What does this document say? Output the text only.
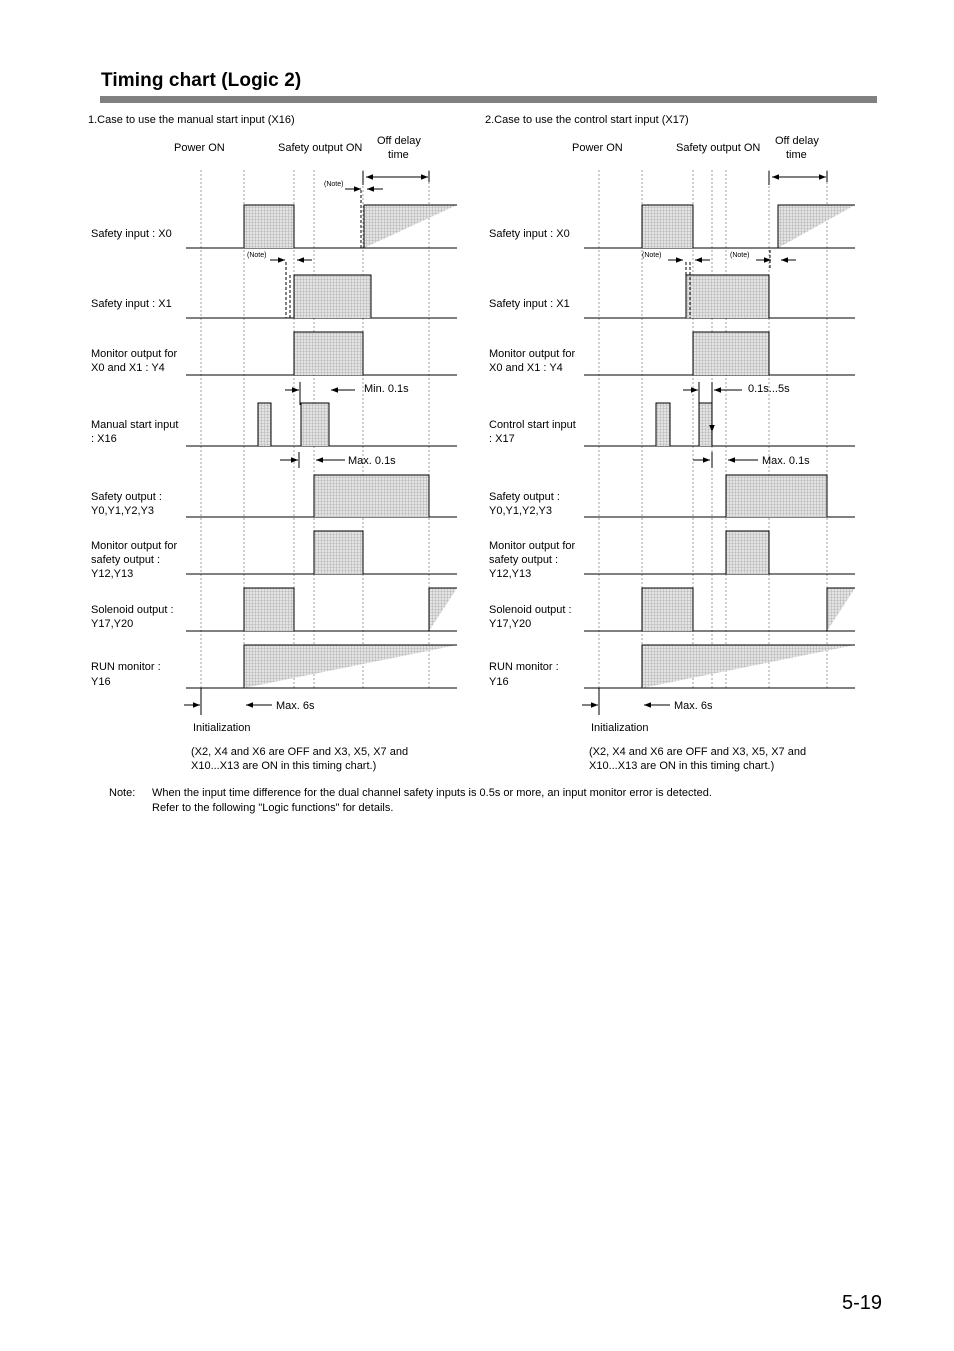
Timing chart (Logic 2)
1.Case to use the manual start input (X16)
Power ON	Safety output ON
Off delay
time
Safety input : X0
Safety input : X1
Monitor output for
X0 and X1 : Y4
Manual start input
: X16
Safety output :
Y0,Y1,Y2,Y3
Monitor output for
safety output :
Y12,Y13
Solenoid output :
Y17,Y20
RUN monitor :
Y16
(Note)
(Note)
Min. 0.1s
Max. 0.1s
Max. 6s
Initialization
(X2, X4 and X6 are OFF and X3, X5, X7 and
X10...X13 are ON in this timing chart.)
2.Case to use the control start input (X17)
Power ON	Safety output ON
Off delay
time
Safety input : X0
Safety input : X1
Monitor output for
X0 and X1 : Y4
Control start input
: X17
Safety output :
Y0,Y1,Y2,Y3
Monitor output for
safety output :
Y12,Y13
Solenoid output :
Y17,Y20
RUN monitor :
Y16
(Note)	(Note)
0.1s...5s
Max. 0.1s
Max. 6s
Initialization
(X2, X4 and X6 are OFF and X3, X5, X7 and
X10...X13 are ON in this timing chart.)
Note: When the input time difference for the dual channel safety inputs is 0.5s or more, an input monitor error is detected.
Refer to the following "Logic functions" for details.
5-19
